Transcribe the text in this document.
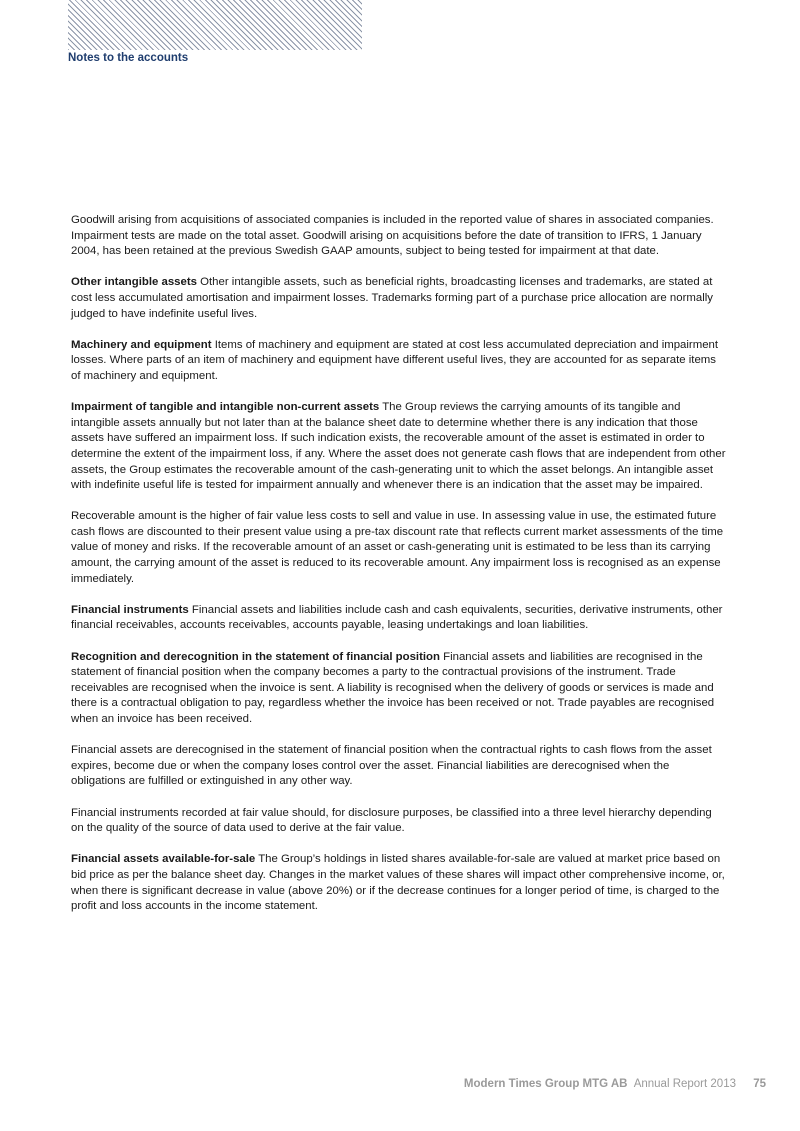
Notes to the accounts

Goodwill arising from acquisitions of associated companies is included in the reported value of shares in associated companies. Impairment tests are made on the total asset. Goodwill arising on acquisitions before the date of transition to IFRS, 1 January 2004, has been retained at the previous Swedish GAAP amounts, subject to being tested for impairment at that date.

Other intangible assets Other intangible assets, such as beneficial rights, broadcasting licenses and trademarks, are stated at cost less accumulated amortisation and impairment losses. Trademarks forming part of a purchase price allocation are normally judged to have indefinite useful lives.

Machinery and equipment Items of machinery and equipment are stated at cost less accumulated depreciation and impairment losses. Where parts of an item of machinery and equipment have different useful lives, they are accounted for as separate items of machinery and equipment.

Impairment of tangible and intangible non-current assets The Group reviews the carrying amounts of its tangible and intangible assets annually but not later than at the balance sheet date to determine whether there is any indication that those assets have suffered an impairment loss. If such indication exists, the recoverable amount of the asset is estimated in order to determine the extent of the impairment loss, if any. Where the asset does not generate cash flows that are independent from other assets, the Group estimates the recoverable amount of the cash-generating unit to which the asset belongs. An intangible asset with indefinite useful life is tested for impairment annually and whenever there is an indication that the asset may be impaired.

Recoverable amount is the higher of fair value less costs to sell and value in use. In assessing value in use, the estimated future cash flows are discounted to their present value using a pre-tax discount rate that reflects current market assessments of the time value of money and risks. If the recoverable amount of an asset or cash-generating unit is estimated to be less than its carrying amount, the carrying amount of the asset is reduced to its recoverable amount. Any impairment loss is recognised as an expense immediately.

Financial instruments Financial assets and liabilities include cash and cash equivalents, securities, derivative instruments, other financial receivables, accounts receivables, accounts payable, leasing undertakings and loan liabilities.

Recognition and derecognition in the statement of financial position Financial assets and liabilities are recognised in the statement of financial position when the company becomes a party to the contractual provisions of the instrument. Trade receivables are recognised when the invoice is sent. A liability is recognised when the delivery of goods or services is made and there is a contractual obligation to pay, regardless whether the invoice has been received or not. Trade payables are recognised when an invoice has been received.

Financial assets are derecognised in the statement of financial position when the contractual rights to cash flows from the asset expires, become due or when the company loses control over the asset. Financial liabilities are derecognised when the obligations are fulfilled or extinguished in any other way.

Financial instruments recorded at fair value should, for disclosure purposes, be classified into a three level hierarchy depending on the quality of the source of data used to derive at the fair value.

Financial assets available-for-sale The Group’s holdings in listed shares available-for-sale are valued at market price based on bid price as per the balance sheet day. Changes in the market values of these shares will impact other comprehensive income, or, when there is significant decrease in value (above 20%) or if the decrease continues for a longer period of time, is charged to the profit and loss accounts in the income statement.

Modern Times Group MTG AB Annual Report 2013 75
